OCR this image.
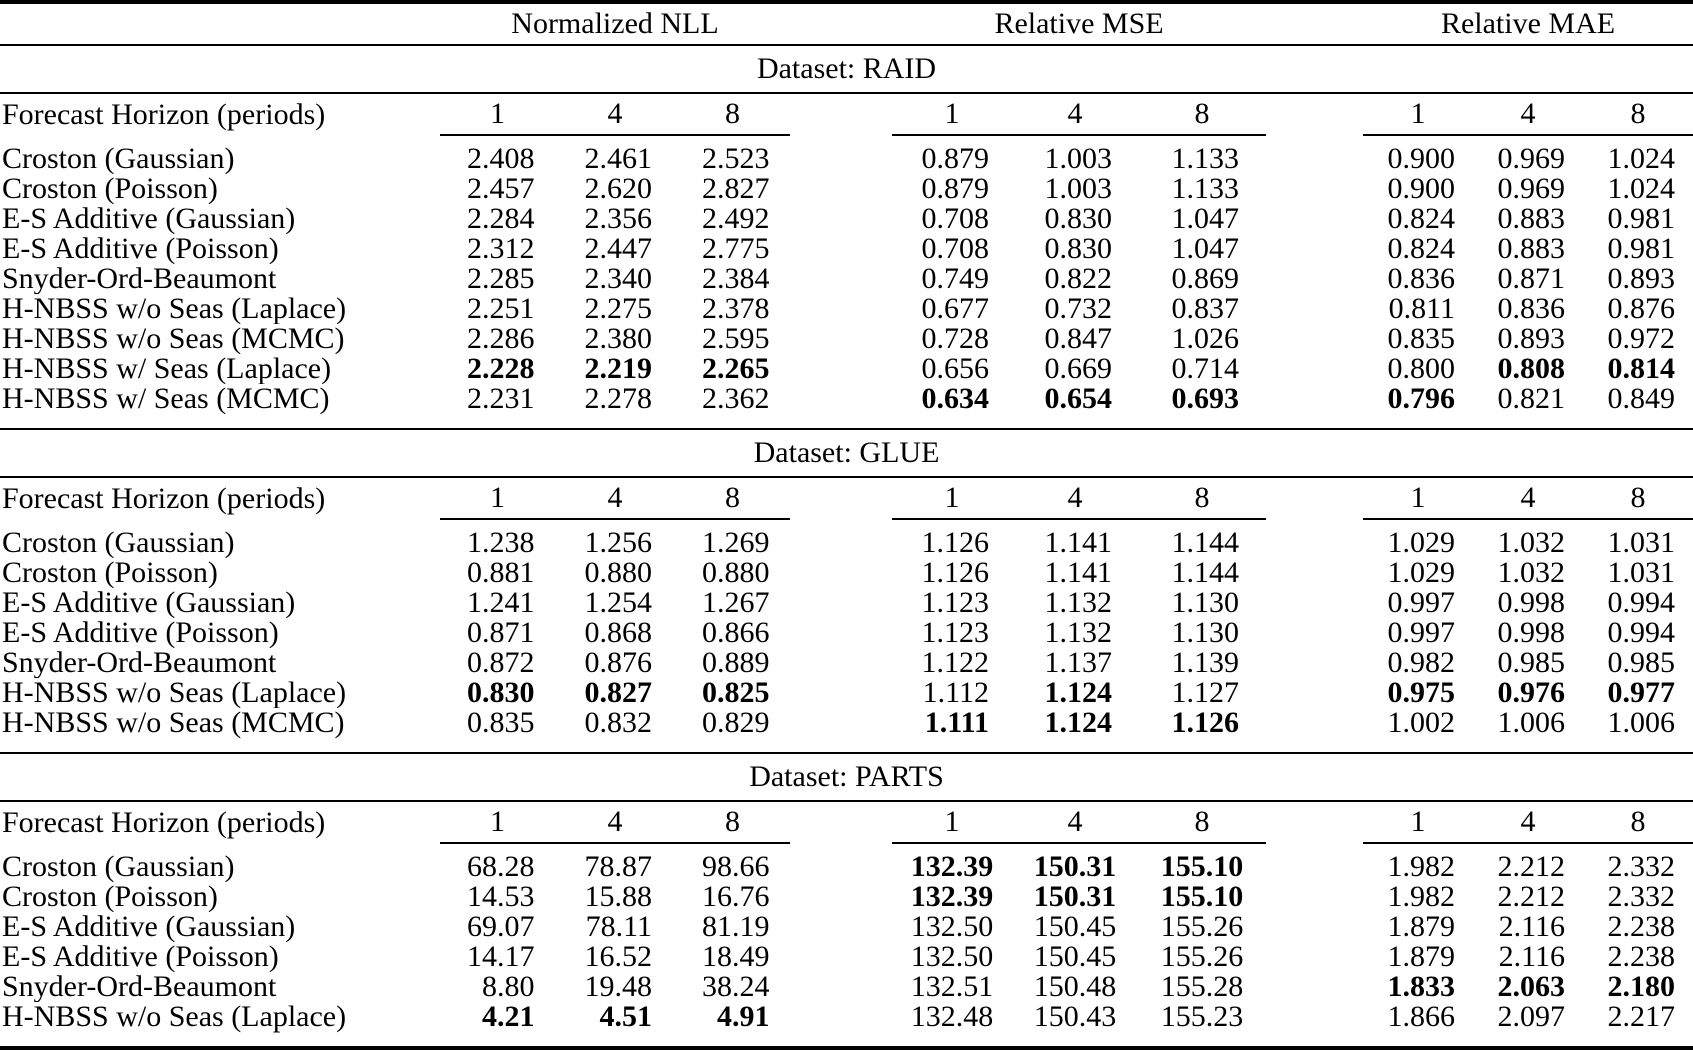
	Normalized NLL				Relative MSE				Relative MAE		
Dataset: RAID											
Forecast Horizon (periods)	1	4	8		1	4	8		1	4	8
Croston (Gaussian)	2.408	2.461	2.523		0.879	1.003	1.133		0.900	0.969	1.024
Croston (Poisson)	2.457	2.620	2.827		0.879	1.003	1.133		0.900	0.969	1.024
E-S Additive (Gaussian)	2.284	2.356	2.492		0.708	0.830	1.047		0.824	0.883	0.981
E-S Additive (Poisson)	2.312	2.447	2.775		0.708	0.830	1.047		0.824	0.883	0.981
Snyder-Ord-Beaumont	2.285	2.340	2.384		0.749	0.822	0.869		0.836	0.871	0.893
H-NBSS w/o Seas (Laplace)	2.251	2.275	2.378		0.677	0.732	0.837		0.811	0.836	0.876
H-NBSS w/o Seas (MCMC)	2.286	2.380	2.595		0.728	0.847	1.026		0.835	0.893	0.972
H-NBSS w/ Seas (Laplace)	2.228	2.219	2.265		0.656	0.669	0.714		0.800	0.808	0.814
H-NBSS w/ Seas (MCMC)	2.231	2.278	2.362		0.634	0.654	0.693		0.796	0.821	0.849
Dataset: GLUE											
Forecast Horizon (periods)	1	4	8		1	4	8		1	4	8
Croston (Gaussian)	1.238	1.256	1.269		1.126	1.141	1.144		1.029	1.032	1.031
Croston (Poisson)	0.881	0.880	0.880		1.126	1.141	1.144		1.029	1.032	1.031
E-S Additive (Gaussian)	1.241	1.254	1.267		1.123	1.132	1.130		0.997	0.998	0.994
E-S Additive (Poisson)	0.871	0.868	0.866		1.123	1.132	1.130		0.997	0.998	0.994
Snyder-Ord-Beaumont	0.872	0.876	0.889		1.122	1.137	1.139		0.982	0.985	0.985
H-NBSS w/o Seas (Laplace)	0.830	0.827	0.825		1.112	1.124	1.127		0.975	0.976	0.977
H-NBSS w/o Seas (MCMC)	0.835	0.832	0.829		1.111	1.124	1.126		1.002	1.006	1.006
Dataset: PARTS											
Forecast Horizon (periods)	1	4	8		1	4	8		1	4	8
Croston (Gaussian)	68.28	78.87	98.66		132.39	150.31	155.10		1.982	2.212	2.332
Croston (Poisson)	14.53	15.88	16.76		132.39	150.31	155.10		1.982	2.212	2.332
E-S Additive (Gaussian)	69.07	78.11	81.19		132.50	150.45	155.26		1.879	2.116	2.238
E-S Additive (Poisson)	14.17	16.52	18.49		132.50	150.45	155.26		1.879	2.116	2.238
Snyder-Ord-Beaumont	8.80	19.48	38.24		132.51	150.48	155.28		1.833	2.063	2.180
H-NBSS w/o Seas (Laplace)	4.21	4.51	4.91		132.48	150.43	155.23		1.866	2.097	2.217
